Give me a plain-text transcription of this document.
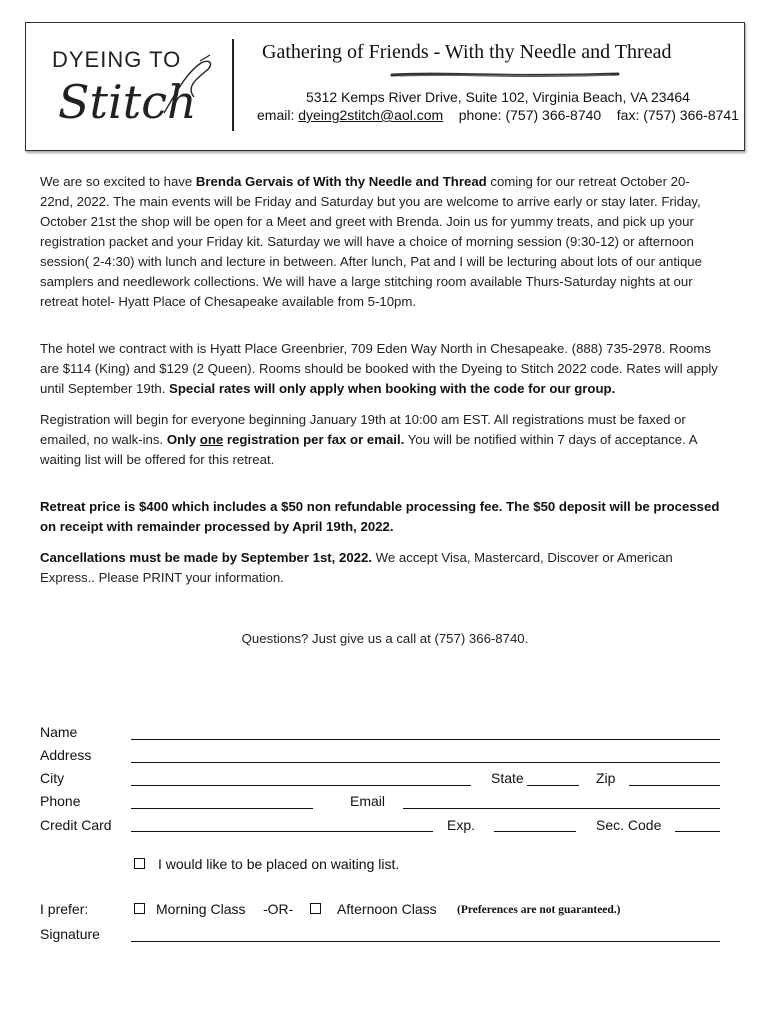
DYEING TO
Stitch
Gathering of Friends - With thy Needle and Thread
5312 Kemps River Drive, Suite 102, Virginia Beach, VA 23464
email: dyeing2stitch@aol.com phone: (757) 366-8740 fax: (757) 366-8741
We are so excited to have Brenda Gervais of With thy Needle and Thread coming for our retreat October 20-22nd, 2022. The main events will be Friday and Saturday but you are welcome to arrive early or stay later. Friday, October 21st the shop will be open for a Meet and greet with Brenda. Join us for yummy treats, and pick up your registration packet and your Friday kit. Saturday we will have a choice of morning session (9:30-12) or afternoon session( 2-4:30) with lunch and lecture in between. After lunch, Pat and I will be lecturing about lots of our antique samplers and needlework collections. We will have a large stitching room available Thurs-Saturday nights at our retreat hotel- Hyatt Place of Chesapeake available from 5-10pm.
The hotel we contract with is Hyatt Place Greenbrier, 709 Eden Way North in Chesapeake. (888) 735-2978. Rooms are $114 (King) and $129 (2 Queen). Rooms should be booked with the Dyeing to Stitch 2022 code. Rates will apply until September 19th. Special rates will only apply when booking with the code for our group.
Registration will begin for everyone beginning January 19th at 10:00 am EST. All registrations must be faxed or emailed, no walk-ins. Only one registration per fax or email. You will be notified within 7 days of acceptance. A waiting list will be offered for this retreat.
Retreat price is $400 which includes a $50 non refundable processing fee. The $50 deposit will be processed on receipt with remainder processed by April 19th, 2022.
Cancellations must be made by September 1st, 2022. We accept Visa, Mastercard, Discover or American Express.. Please PRINT your information.
Questions? Just give us a call at (757) 366-8740.
Name
Address
City	State	Zip
Phone	Email
Credit Card	Exp.	Sec. Code
I would like to be placed on waiting list.
I prefer:	Morning Class -OR-	Afternoon Class (Preferences are not guaranteed.)
Signature
